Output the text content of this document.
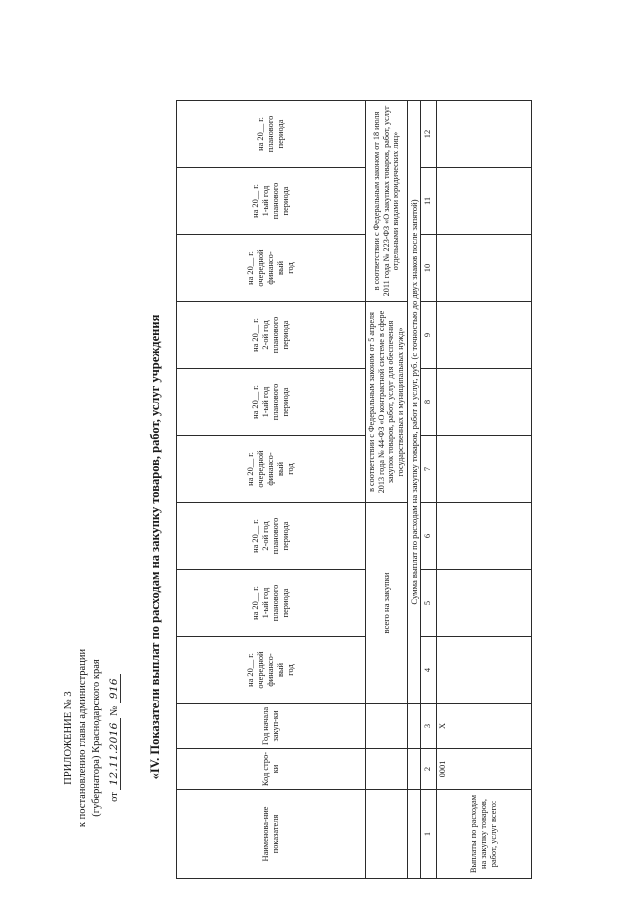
ПРИЛОЖЕНИЕ № 3 к постановлению главы администрации (губернатора) Краснодарского края от 12.11.2016 № 916 «IV. Показатели выплат по расходам на закупку товаров, работ, услуг учреждения
Наименова-ние показателя	Код стро-ки	Год начала закуп-ки	на 20__ г. очередной финансо- вый год	на 20__ г. 1-ый год планового периода	на 20__ г. 2-ой год планового периода	на 20__ г. очередной финансо- вый год	на 20__ г. 1-ый год планового периода	на 20__ г. 2-ой год планового периода	на 20__ г. очередной финансо- вый год	на 20__ г. 1-ый год планового периода	на 20__ г. планового периода

			всего на закупки			в соответствии с Федеральным законом от 5 апреля 2013 года № 44-ФЗ «О контрактной системе в сфере закупок товаров, работ, услуг для обеспечения государственных и муниципальных нужд»			в соответствии с Федеральным законом от 18 июля 2011 года № 223-ФЗ «О закупках товаров, работ, услуг отдельными видами юридических лиц»		
			Сумма выплат по расходам на закупку товаров, работ и услуг, руб. (с точностью до двух знаков после запятой)								
1	2	3	4	5	6	7	8	9	10	11	12
Выплаты по расходам на закупку товаров, работ, услуг всего:	0001	X									
